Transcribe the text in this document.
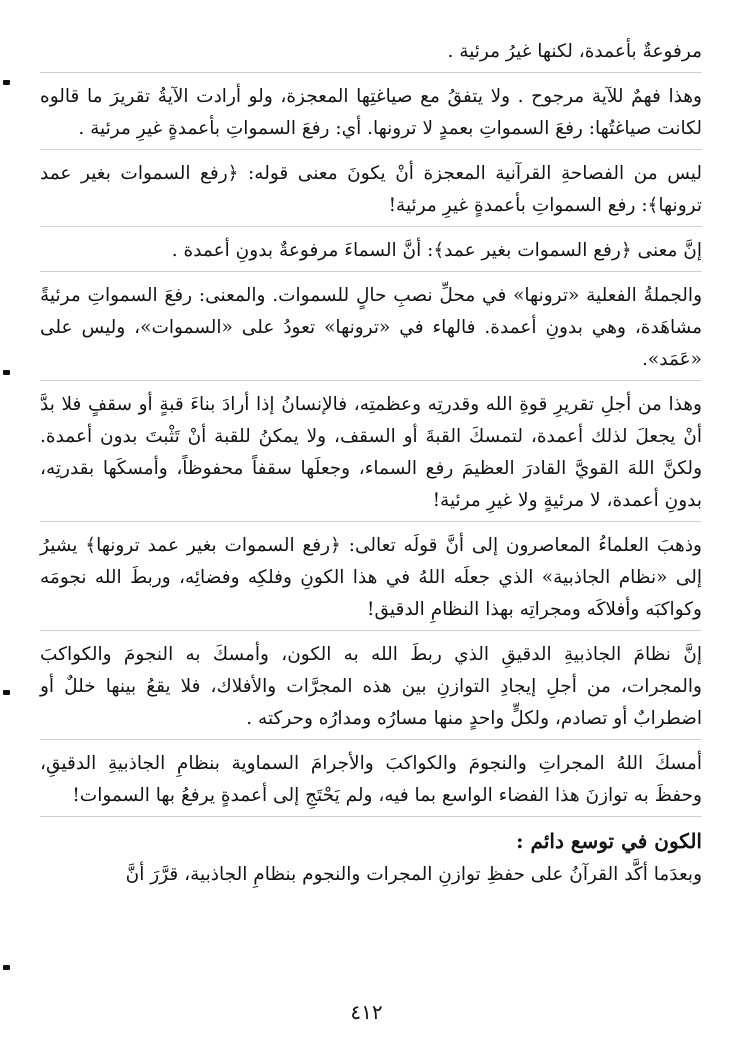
مرفوعةٌ بأعمدة، لكنها غيرُ مرئية .

وهذا فهمٌ للآية مرجوح . ولا يتفقُ مع صياغتِها المعجزة، ولو أرادت الآيةُ تقريرَ ما قالوه لكانت صياغتُها: رفعَ السمواتِ بعمدٍ لا ترونها. أي: رفعَ السمواتِ بأعمدةٍ غيرِ مرئية .

ليس من الفصاحةِ القرآنية المعجزة أنْ يكونَ معنى قوله: ﴿رفع السموات بغير عمد ترونها﴾: رفع السمواتِ بأعمدةٍ غيرِ مرئية!

إنَّ معنى ﴿رفع السموات بغير عمد﴾: أنَّ السماءَ مرفوعةٌ بدونِ أعمدة .

والجملةُ الفعلية «ترونها» في محلِّ نصبِ حالٍ للسموات. والمعنى: رفعَ السمواتِ مرئيةً مشاهَدة، وهي بدونِ أعمدة. فالهاء في «ترونها» تعودُ على «السموات»، وليس على «عَمَد».

وهذا من أجلِ تقريرِ قوةِ الله وقدرتِه وعظمتِه، فالإنسانُ إذا أرادَ بناءَ قبةٍ أو سقفٍ فلا بدَّ أنْ يجعلَ لذلك أعمدة، لتمسكَ القبةَ أو السقف، ولا يمكنُ للقبة أنْ تَثْبتَ بدون أعمدة. ولكنَّ اللهَ القويَّ القادرَ العظيمَ رفع السماء، وجعلَها سقفاً محفوظاً، وأمسكَها بقدرتِه، بدونِ أعمدة، لا مرئيةٍ ولا غيرِ مرئية!

وذهبَ العلماءُ المعاصرون إلى أنَّ قولَه تعالى: ﴿رفع السموات بغير عمد ترونها﴾ يشيرُ إلى «نظام الجاذبية» الذي جعلَه اللهُ في هذا الكونِ وفلكِه وفضائِه، وربطَ الله نجومَه وكواكبَه وأفلاكَه ومجراتِه بهذا النظامِ الدقيق!

إنَّ نظامَ الجاذبيةِ الدقيقِ الذي ربطَ الله به الكون، وأمسكَ به النجومَ والكواكبَ والمجرات، من أجلِ إيجادِ التوازنِ بين هذه المجرَّات والأفلاك، فلا يقعُ بينها خللٌ أو اضطرابٌ أو تصادم، ولكلٍّ واحدٍ منها مسارُه ومدارُه وحركته .

أمسكَ اللهُ المجراتِ والنجومَ والكواكبَ والأجرامَ السماوية بنظامِ الجاذبيةِ الدقيقِ، وحفظَ به توازنَ هذا الفضاء الواسع بما فيه، ولم يَحْتَجِ إلى أعمدةٍ يرفعُ بها السموات!

الكون في توسع دائم :

وبعدَما أكَّد القرآنُ على حفظِ توازنِ المجرات والنجوم بنظامِ الجاذبية، قرَّرَ أنَّ

٤١٢
